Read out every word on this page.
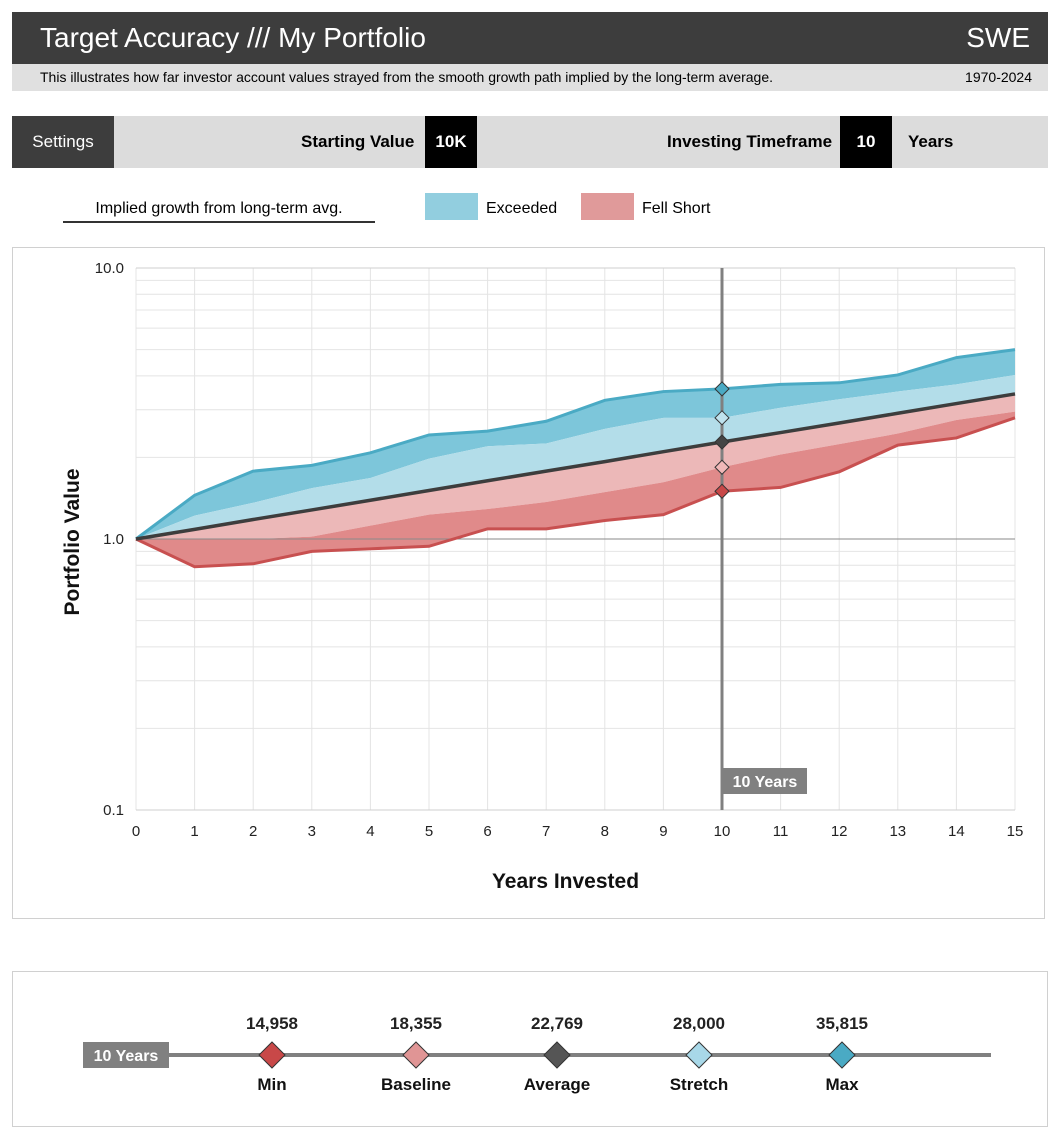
Target Accuracy /// My Portfolio	SWE
This illustrates how far investor account values strayed from the smooth growth path implied by the long-term average.	1970-2024
Settings	Starting Value	10K	Investing Timeframe	10	Years
Implied growth from long-term avg.	Exceeded	Fell Short
10 Years
10.0
1.0
0.1
0	1	2	3	4	5	6	7	8	9	10	11	12	13	14	15
Years Invested
Portfolio Value
10 Years
14,958
Min
18,355
Baseline
22,769
Average
28,000
Stretch
35,815
Max
